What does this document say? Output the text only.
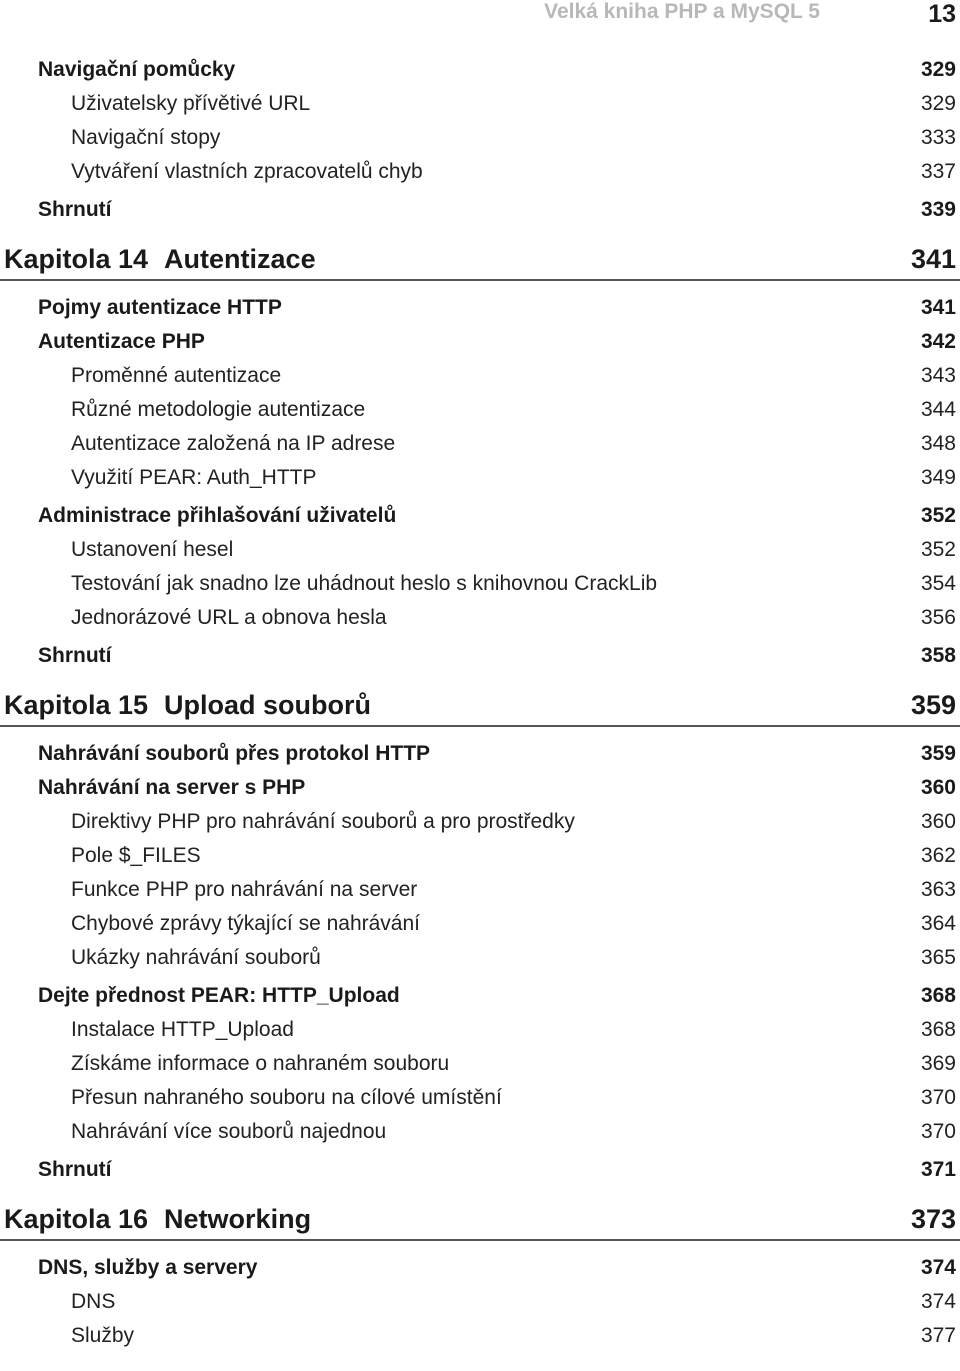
Velká kniha PHP a MySQL 5	13
Navigační pomůcky	329
Uživatelsky přívětivé URL	329
Navigační stopy	333
Vytváření vlastních zpracovatelů chyb	337
Shrnutí	339
Kapitola 14 Autentizace	341
Pojmy autentizace HTTP	341
Autentizace PHP	342
Proměnné autentizace	343
Různé metodologie autentizace	344
Autentizace založená na IP adrese	348
Využití PEAR: Auth_HTTP	349
Administrace přihlašování uživatelů	352
Ustanovení hesel	352
Testování jak snadno lze uhádnout heslo s knihovnou CrackLib	354
Jednorázové URL a obnova hesla	356
Shrnutí	358
Kapitola 15 Upload souborů	359
Nahrávání souborů přes protokol HTTP	359
Nahrávání na server s PHP	360
Direktivy PHP pro nahrávání souborů a pro prostředky	360
Pole $_FILES	362
Funkce PHP pro nahrávání na server	363
Chybové zprávy týkající se nahrávání	364
Ukázky nahrávání souborů	365
Dejte přednost PEAR: HTTP_Upload	368
Instalace HTTP_Upload	368
Získáme informace o nahraném souboru	369
Přesun nahraného souboru na cílové umístění	370
Nahrávání více souborů najednou	370
Shrnutí	371
Kapitola 16 Networking	373
DNS, služby a servery	374
DNS	374
Služby	377
